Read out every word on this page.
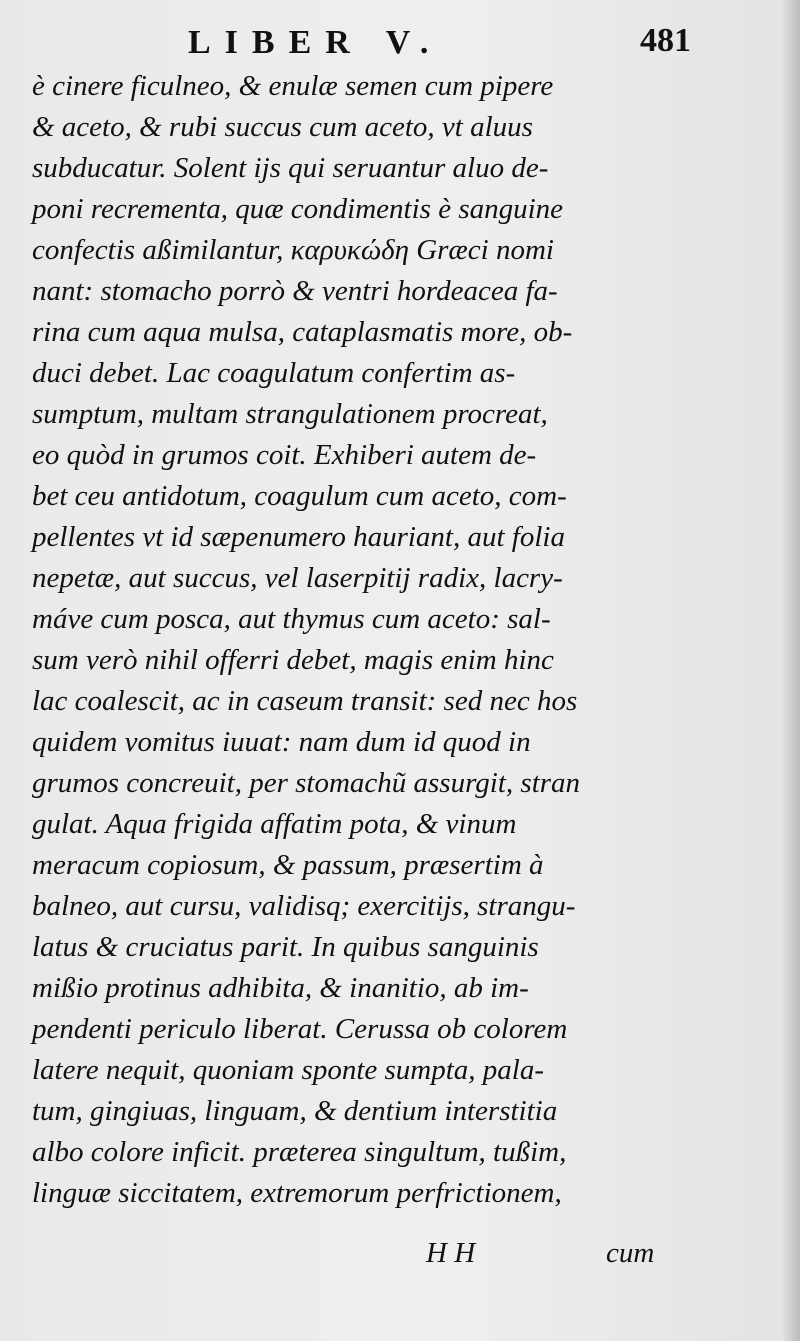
LIBER V.	481
è cinere ficulneo, & enulæ semen cum pipere
& aceto, & rubi succus cum aceto, vt aluus
subducatur. Solent ijs qui seruantur aluo de-
poni recrementa, quæ condimentis è sanguine
confectis aßimilantur, καρυκώδη Græci nomi
nant: stomacho porrò & ventri hordeacea fa-
rina cum aqua mulsa, cataplasmatis more, ob-
duci debet. Lac coagulatum confertim as-
sumptum, multam strangulationem procreat,
eo quòd in grumos coit. Exhiberi autem de-
bet ceu antidotum, coagulum cum aceto, com-
pellentes vt id sæpenumero hauriant, aut folia
nepetæ, aut succus, vel laserpitij radix, lacry-
máve cum posca, aut thymus cum aceto: sal-
sum verò nihil offerri debet, magis enim hinc
lac coalescit, ac in caseum transit: sed nec hos
quidem vomitus iuuat: nam dum id quod in
grumos concreuit, per stomachũ assurgit, stran
gulat. Aqua frigida affatim pota, & vinum
meracum copiosum, & passum, præsertim à
balneo, aut cursu, validisq; exercitijs, strangu-
latus & cruciatus parit. In quibus sanguinis
mißio protinus adhibita, & inanitio, ab im-
pendenti periculo liberat. Cerussa ob colorem
latere nequit, quoniam sponte sumpta, pala-
tum, gingiuas, linguam, & dentium interstitia
albo colore inficit. præterea singultum, tußim,
linguæ siccitatem, extremorum perfrictionem,
H H	cum
